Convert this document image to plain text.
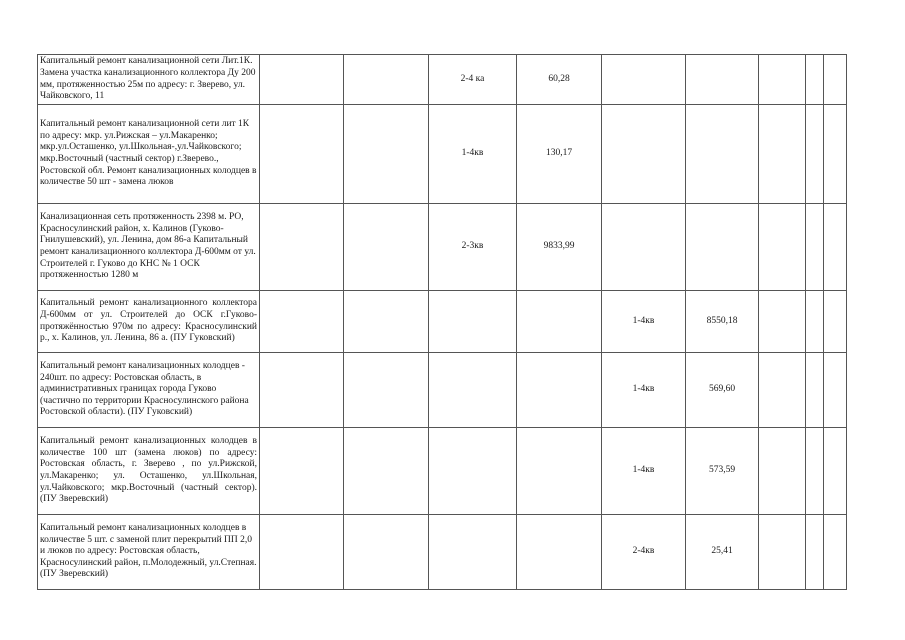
Капитальный ремонт канализационной сети Лит.1К. Замена участка канализационного коллектора Ду 200 мм, протяженностью 25м по адресу: г. Зверево, ул. Чайковского, 11			2-4 ка	60,28					
Капитальный ремонт канализационной сети лит 1К по адресу: мкр. ул.Рижская – ул.Макаренко; мкр.ул.Осташенко, ул.Школьная-,ул.Чайковского; мкр.Восточный (частный сектор) г.Зверево., Ростовской обл. Ремонт канализационных колодцев в количестве 50 шт - замена люков			1-4кв	130,17					
Канализационная сеть протяженность 2398 м. РО, Красносулинский район, х. Калинов (Гуково-Гнилушевский), ул. Ленина, дом 86-а Капитальный ремонт канализационного коллектора Д-600мм от ул. Строителей г. Гуково до КНС № 1 ОСК протяженностью 1280 м			2-3кв	9833,99					
Капитальный ремонт канализационного коллектора Д-600мм от ул. Строителей до ОСК г.Гуково- протяжённостью 970м по адресу: Красносулинский р., х. Калинов, ул. Ленина, 86 а. (ПУ Гуковский)					1-4кв	8550,18			
Капитальный ремонт канализационных колодцев - 240шт. по адресу: Ростовская область, в административных границах города Гуково (частично по территории Красносулинского района Ростовской области). (ПУ Гуковский)					1-4кв	569,60			
Капитальный ремонт канализационных колодцев в количестве 100 шт (замена люков) по адресу: Ростовская область, г. Зверево , по ул.Рижской, ул.Макаренко; ул. Осташенко, ул.Школьная, ул.Чайковского; мкр.Восточный (частный сектор). (ПУ Зверевский)					1-4кв	573,59			
Капитальный ремонт канализационных колодцев в количестве 5 шт. с заменой плит перекрытий ПП 2,0 и люков по адресу: Ростовская область, Красносулинский район, п.Молодежный, ул.Степная. (ПУ Зверевский)					2-4кв	25,41			
